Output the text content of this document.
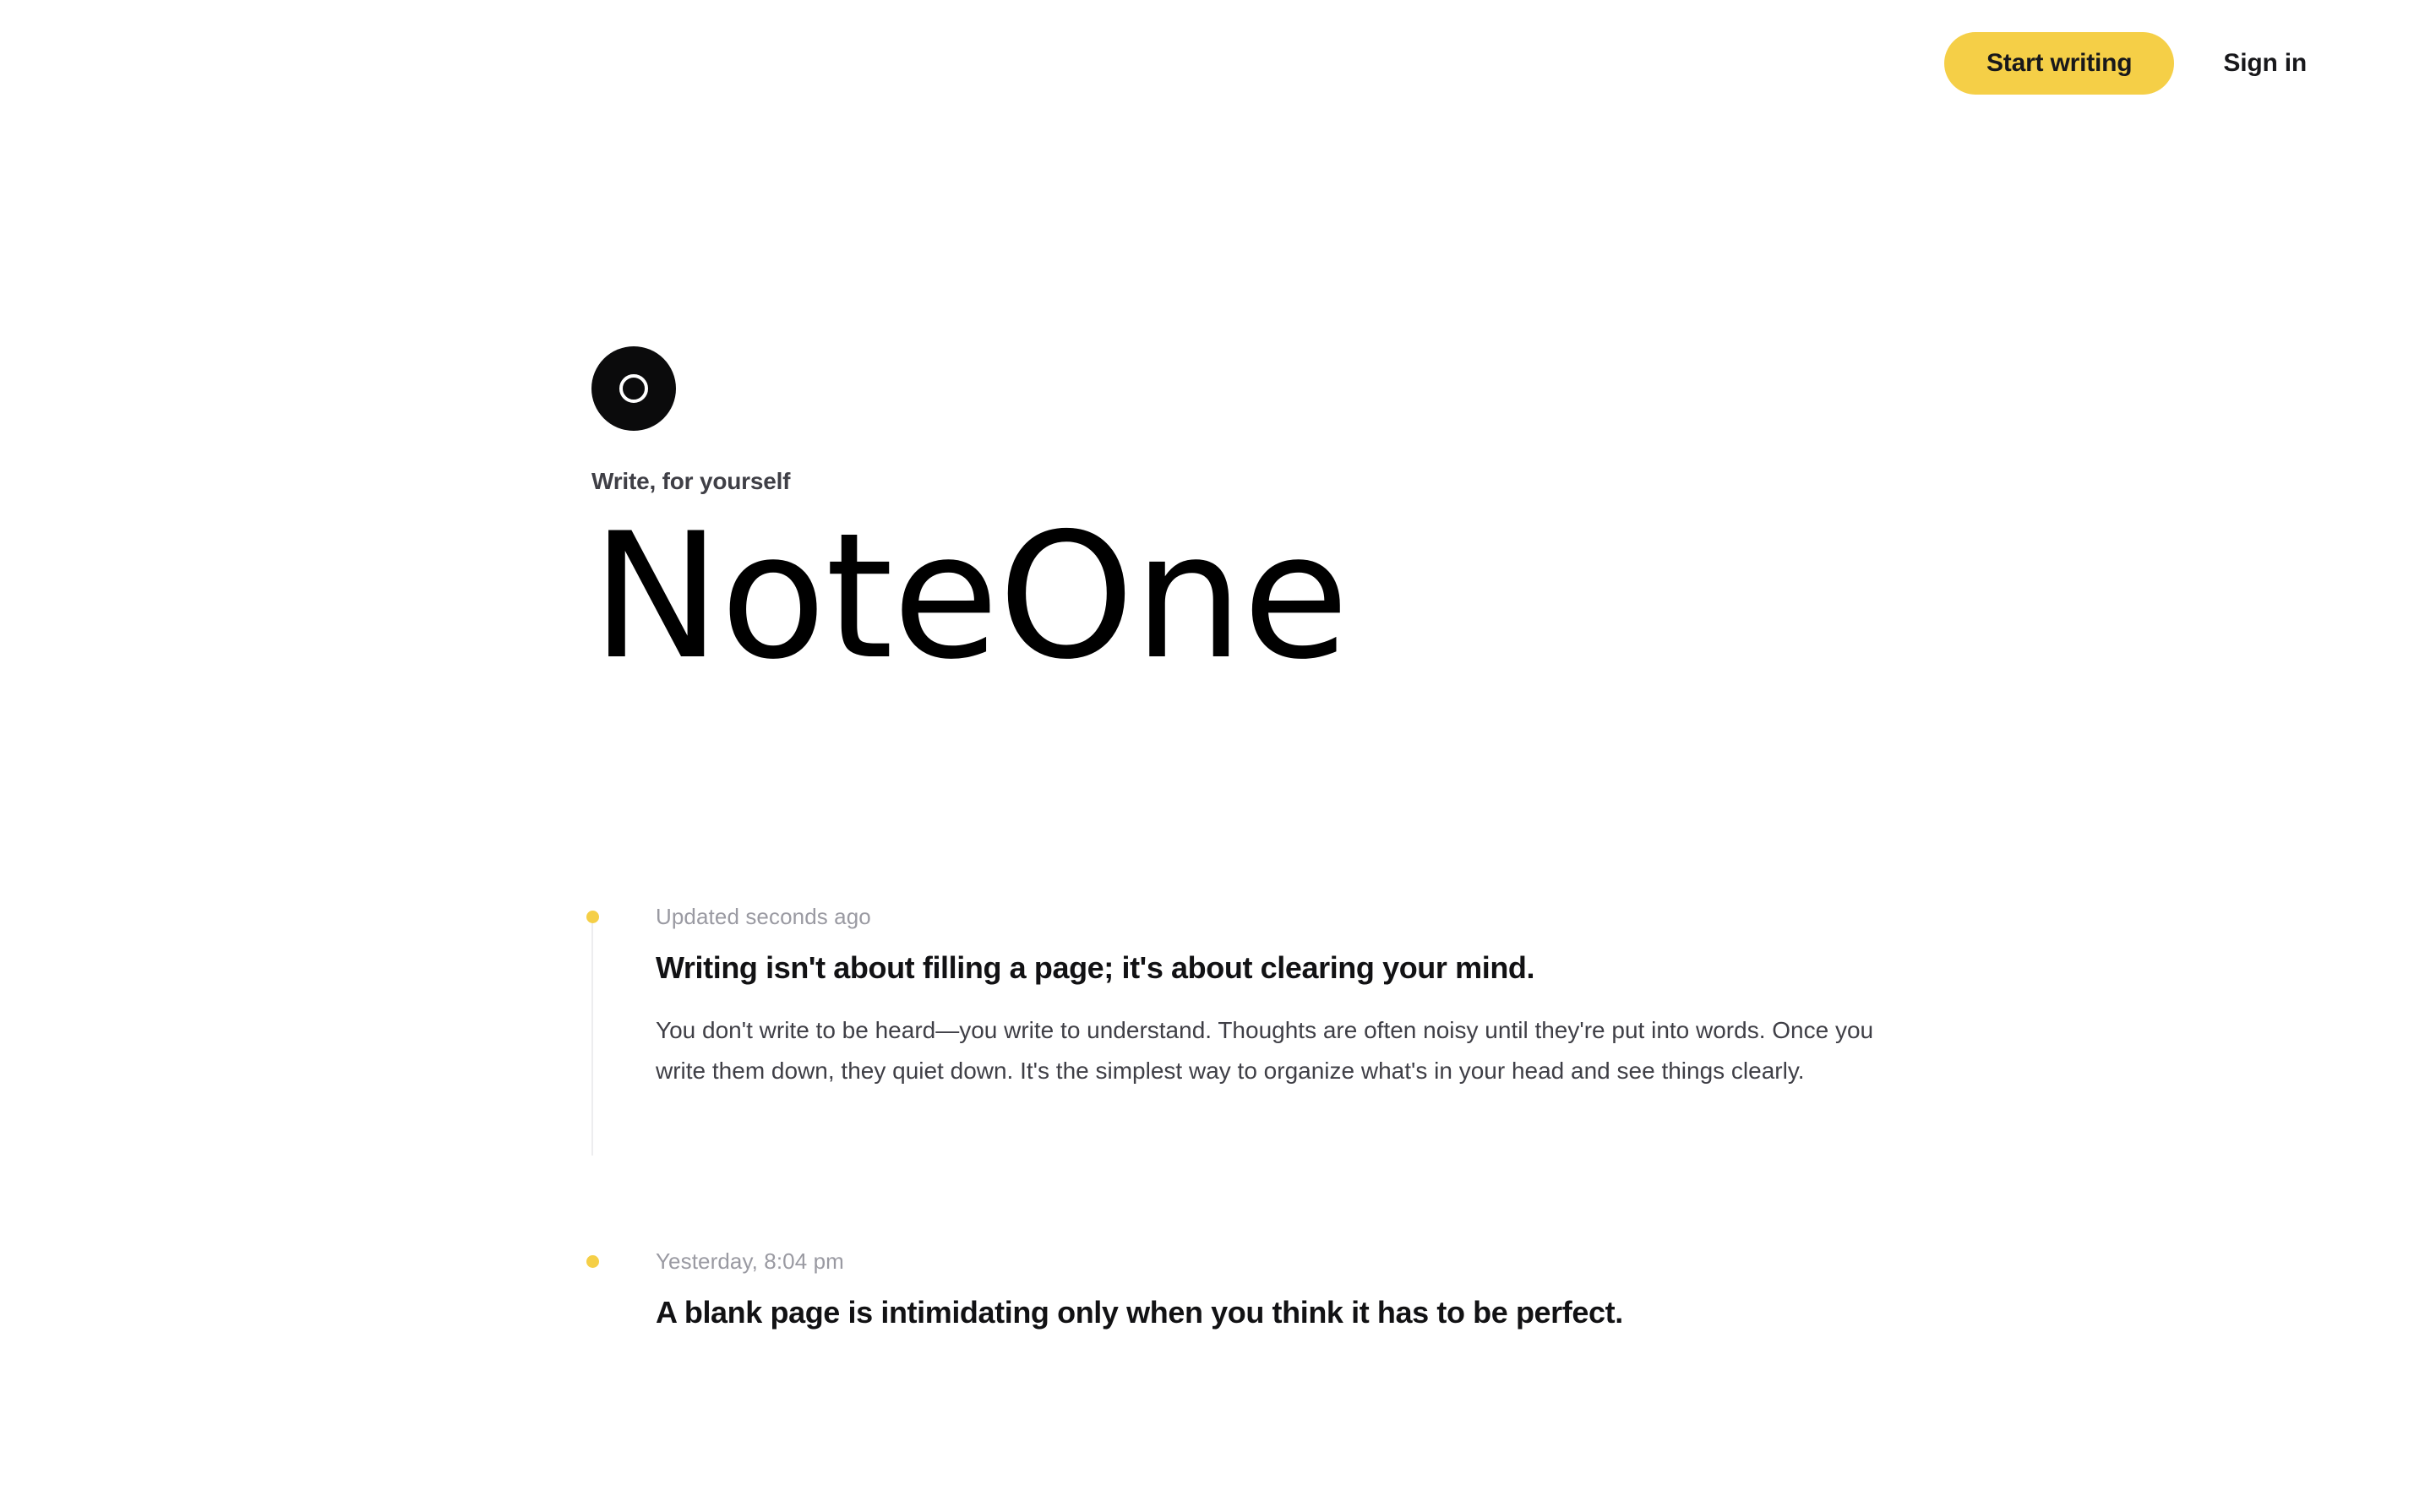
Start writing	Sign in
Write, for yourself
NoteOne
Updated seconds ago
Writing isn't about filling a page; it's about clearing your mind.
You don't write to be heard—you write to understand. Thoughts are often noisy until they're put into words. Once you write them down, they quiet down. It's the simplest way to organize what's in your head and see things clearly.
Yesterday, 8:04 pm
A blank page is intimidating only when you think it has to be perfect.
